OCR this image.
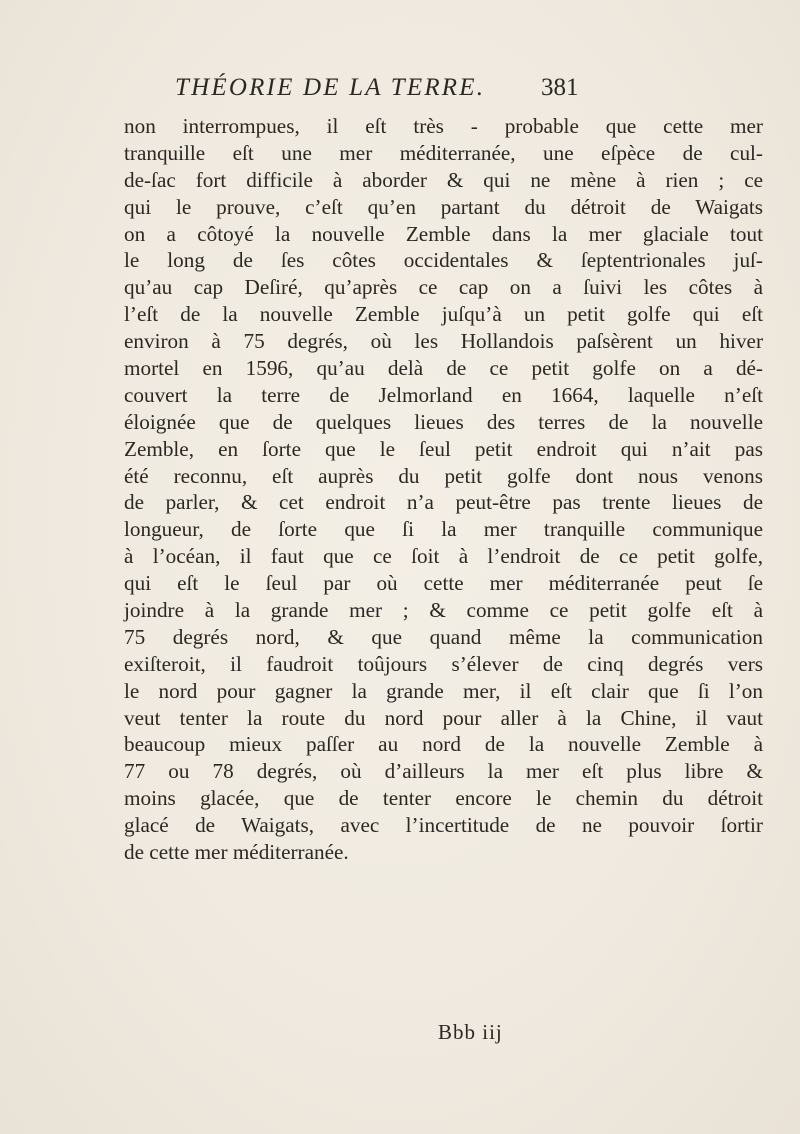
THÉORIE DE LA TERRE. 381
non interrompues, il eſt très - probable que cette mer
tranquille eſt une mer méditerranée, une eſpèce de cul-
de-ſac fort difficile à aborder & qui ne mène à rien ; ce
qui le prouve, c’eſt qu’en partant du détroit de Waigats
on a côtoyé la nouvelle Zemble dans la mer glaciale tout
le long de ſes côtes occidentales & ſeptentrionales juſ-
qu’au cap Deſiré, qu’après ce cap on a ſuivi les côtes à
l’eſt de la nouvelle Zemble juſqu’à un petit golfe qui eſt
environ à 75 degrés, où les Hollandois paſsèrent un hiver
mortel en 1596, qu’au delà de ce petit golfe on a dé-
couvert la terre de Jelmorland en 1664, laquelle n’eſt
éloignée que de quelques lieues des terres de la nouvelle
Zemble, en ſorte que le ſeul petit endroit qui n’ait pas
été reconnu, eſt auprès du petit golfe dont nous venons
de parler, & cet endroit n’a peut-être pas trente lieues de
longueur, de ſorte que ſi la mer tranquille communique
à l’océan, il faut que ce ſoit à l’endroit de ce petit golfe,
qui eſt le ſeul par où cette mer méditerranée peut ſe
joindre à la grande mer ; & comme ce petit golfe eſt à
75 degrés nord, & que quand même la communication
exiſteroit, il faudroit toûjours s’élever de cinq degrés vers
le nord pour gagner la grande mer, il eſt clair que ſi l’on
veut tenter la route du nord pour aller à la Chine, il vaut
beaucoup mieux paſſer au nord de la nouvelle Zemble à
77 ou 78 degrés, où d’ailleurs la mer eſt plus libre &
moins glacée, que de tenter encore le chemin du détroit
glacé de Waigats, avec l’incertitude de ne pouvoir ſortir
de cette mer méditerranée.
Bbb iij
